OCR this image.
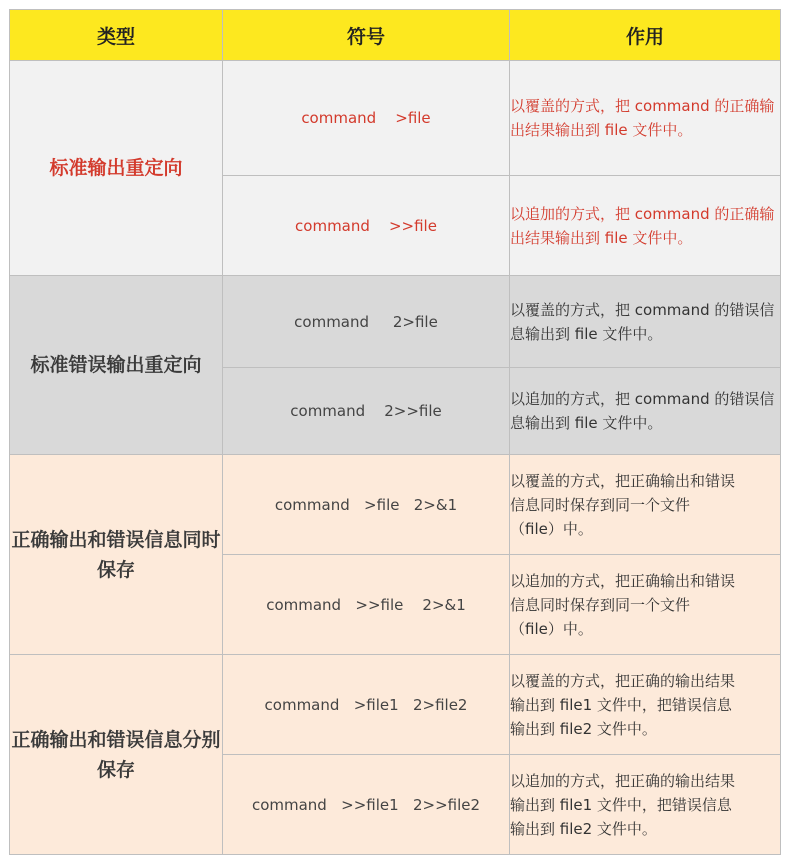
类型	符号	作用
标准输出重定向	command    >file	以覆盖的方式，把 command 的正确输出结果输出到 file 文件中。
	command    >>file	以追加的方式，把 command 的正确输出结果输出到 file 文件中。
标准错误输出重定向	command     2>file	以覆盖的方式，把 command 的错误信息输出到 file 文件中。
	command    2>>file	以追加的方式，把 command 的错误信息输出到 file 文件中。
正确输出和错误信息同时保存	command   >file   2>&1	以覆盖的方式，把正确输出和错误
信息同时保存到同一个文件
（file）中。
	command   >>file    2>&1	以追加的方式，把正确输出和错误
信息同时保存到同一个文件
（file）中。
正确输出和错误信息分别保存	command   >file1   2>file2	以覆盖的方式，把正确的输出结果
输出到 file1 文件中，把错误信息
输出到 file2 文件中。
	command   >>file1   2>>file2	以追加的方式，把正确的输出结果
输出到 file1 文件中，把错误信息
输出到 file2 文件中。
